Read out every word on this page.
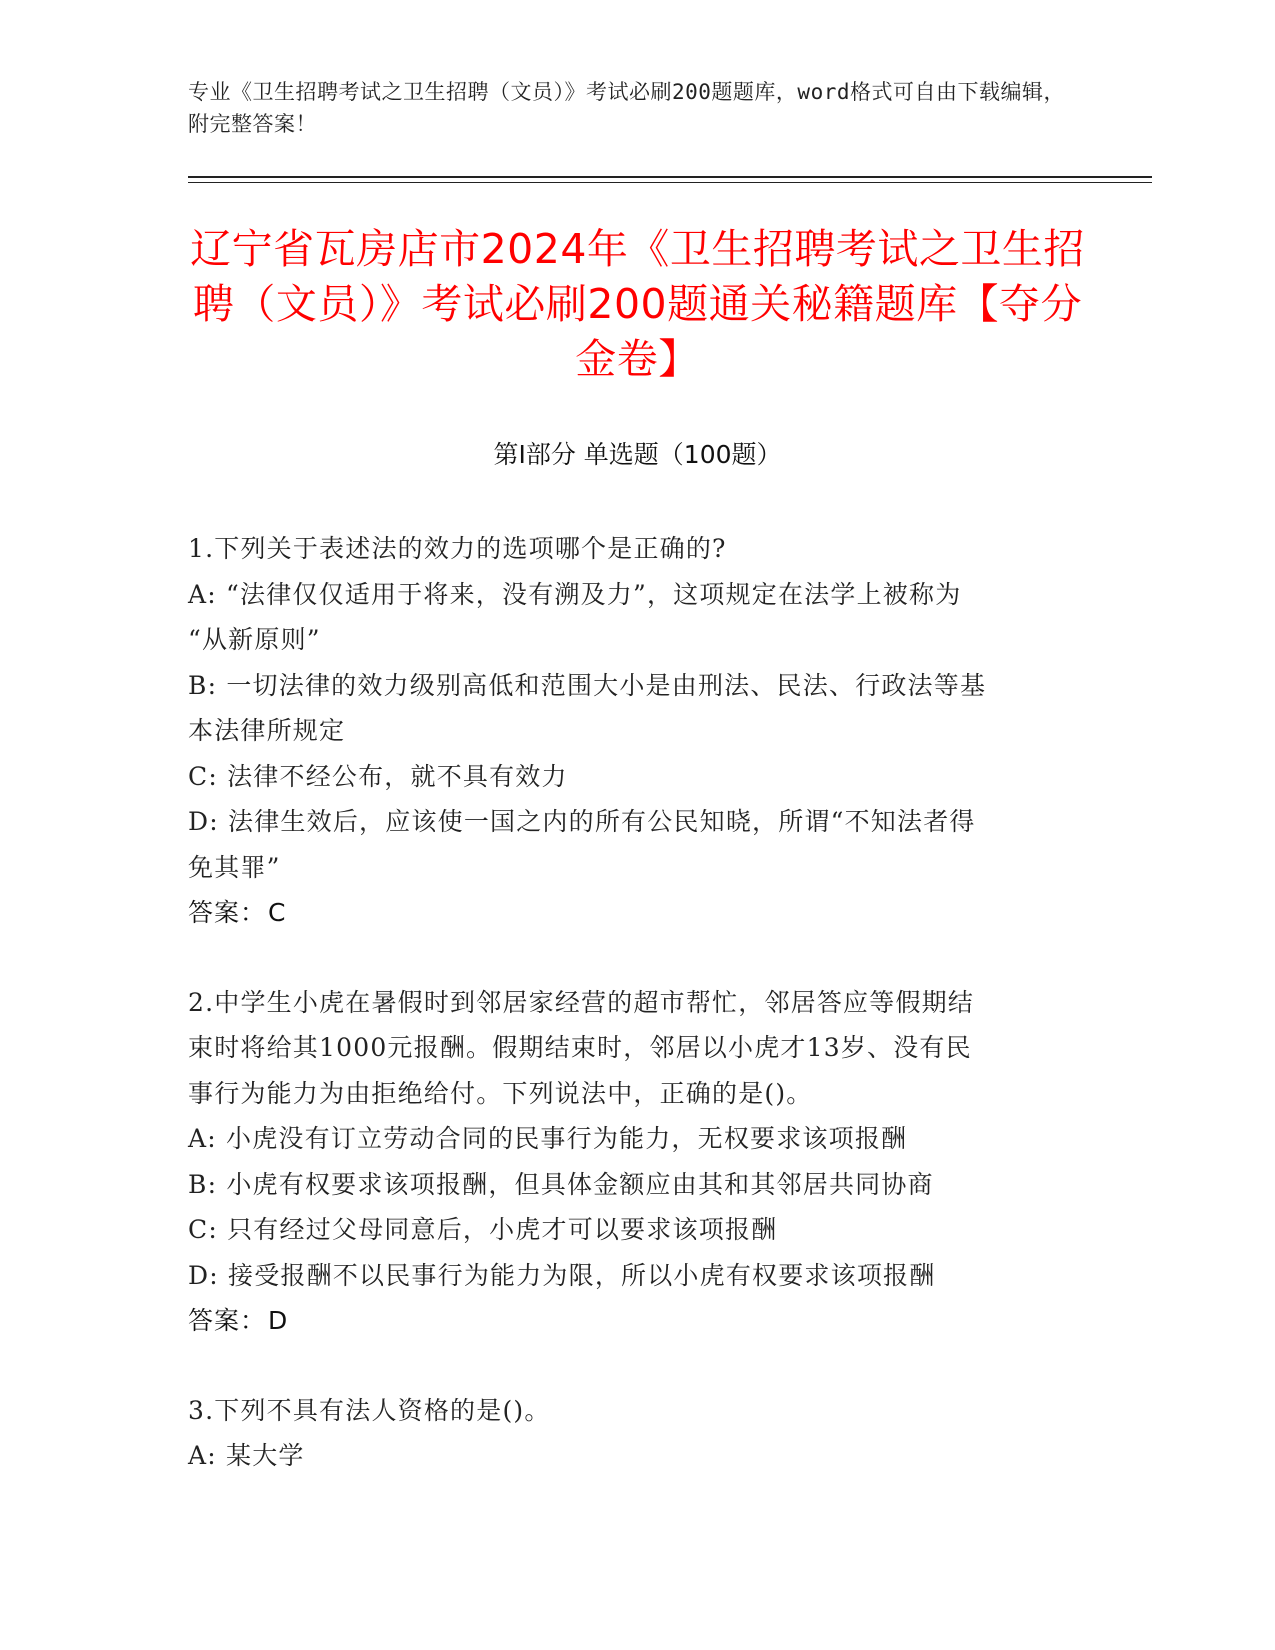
专业《卫生招聘考试之卫生招聘（文员）》考试必刷200题题库，word格式可自由下载编辑，附完整答案！
辽宁省瓦房店市2024年《卫生招聘考试之卫生招聘（文员）》考试必刷200题通关秘籍题库【夺分金卷】
第Ⅰ部分 单选题（100题）
1.下列关于表述法的效力的选项哪个是正确的?
A: “法律仅仅适用于将来，没有溯及力”，这项规定在法学上被称为
“从新原则”
B: 一切法律的效力级别高低和范围大小是由刑法、民法、行政法等基
本法律所规定
C: 法律不经公布，就不具有效力
D: 法律生效后，应该使一国之内的所有公民知晓，所谓“不知法者得
免其罪”
答案：C
2.中学生小虎在暑假时到邻居家经营的超市帮忙，邻居答应等假期结
束时将给其1000元报酬。假期结束时，邻居以小虎才13岁、没有民
事行为能力为由拒绝给付。下列说法中，正确的是()。
A: 小虎没有订立劳动合同的民事行为能力，无权要求该项报酬
B: 小虎有权要求该项报酬，但具体金额应由其和其邻居共同协商
C: 只有经过父母同意后，小虎才可以要求该项报酬
D: 接受报酬不以民事行为能力为限，所以小虎有权要求该项报酬
答案：D
3.下列不具有法人资格的是()。
A: 某大学
